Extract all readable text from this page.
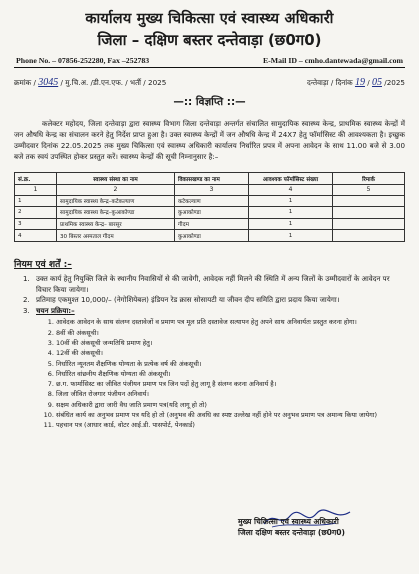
कार्यालय मुख्य चिकित्सा एवं स्वास्थ्य अधिकारी
जिला – दक्षिण बस्तर दन्तेवाड़ा (छ0ग0)
Phone No. – 07856-252280, Fax –252783	E-Mail ID – cmho.dantewada@gmail.com
क्रमांक / 3045 / मु.चि.अ. /डी.एन.एफ. / भर्ती / 2025	दन्तेवाड़ा / दिनांक 19 / 05 /2025
—:: विज्ञप्ति ::—

कलेक्टर महोदय, जिला दन्तेवाड़ा द्वारा स्वास्थ्य विभाग जिला दन्तेवाड़ा अन्तर्गत संचालित सामुदायिक स्वास्थ्य केन्द्र, प्राथमिक स्वास्थ्य केन्द्रों में जन औषधि केन्द्र का संचालन करने हेतु निर्देश प्राप्त हुआ है। उक्त स्वास्थ्य केन्द्रों में जन औषधि केन्द्र में 24X7 हेतु फॉर्मासिस्ट की आवश्यकता है। इच्छुक उम्मीदवार दिनांक 22.05.2025 तक मुख्य चिकित्सा एवं स्वास्थ्य अधिकारी कार्यालय निर्धारित प्रपत्र में अपना आवेदन के साथ 11.00 बजे से 3.00 बजे तक स्वयं उपस्थित होकर प्रस्तुत करें। स्वास्थ्य केन्द्रों की सूची निम्नानुसार है:–

सं.क्र.	स्वास्थ्य संस्था का नाम	विकासखण्ड का नाम	आवश्यक फॉर्मासिस्ट संख्या	रिमार्क
1	2	3	4	5
1	सामुदायिक स्वास्थ्य केन्द्र–कटेकल्याण	कटेकल्याण	1	
2	सामुदायिक स्वास्थ्य केन्द्र–कुआकोण्डा	कुआकोण्डा	1	
3	प्राथमिक स्वास्थ्य केन्द्र– बारसूर	गीदम	1	
4	30 बिस्तर अस्पताल गीदम	कुआकोण्डा	1	
नियम एवं शर्तें :–
1. उक्त कार्य हेतु नियुक्ति जिले के स्थानीय निवासियों से की जावेगी, आवेदक नहीं मिलने की स्थिति में अन्य जिलों के उम्मीदवारों के आवेदन पर विचार किया जायेगा।
2. प्रतिमाह एकमुश्त 10,000/– (नेगोशियेबल) इंडियन रेड क्रास सोसायटी या जीवन दीप समिति द्वारा प्रदाय किया जायेगा।
3. चयन प्रक्रिया:–
1. आवेदक आवेदन के साथ संलग्न दस्तावेजों व प्रमाण पत्र मूल प्रति दस्तावेज सत्यापन हेतु अपने साथ अनिवार्यतः प्रस्तुत करना होगा।
2. 8वीं की अंकसूची।
3. 10वीं की अंकसूची जन्मतिथि प्रमाण हेतु।
4. 12वीं की अंकसूची।
5. निर्धारित न्यूनतम शैक्षणिक योग्यता के प्रत्येक वर्ष की अंकसूची।
6. निर्धारित वांछनीय शैक्षणिक योग्यता की अंकसूची।
7. छ.ग. फार्मासिस्ट का जीवित पंजीयन प्रमाण पत्र जिन पदों हेतु लागू है संलग्न करना अनिवार्य है।
8. जिला जीवित रोजगार पंजीयन अनिवार्य।
9. सक्षम अधिकारी द्वारा जारी वैध जाति प्रमाण पत्र(यदि लागू हो तो)
10. संबंधित कार्य का अनुभव प्रमाण पत्र यदि हो तो (अनुभव की अवधि का स्पष्ट उल्लेख नहीं होने पर अनुभव प्रमाण पत्र अमान्य किया जायेगा)
11. पहचान पत्र (आधार कार्ड, वोटर आई.डी. पासपोर्ट, पेनकार्ड)
मुख्य चिकित्सा एवं स्वास्थ्य अधिकारी
जिला दक्षिण बस्तर दन्तेवाड़ा (छ0ग0)
